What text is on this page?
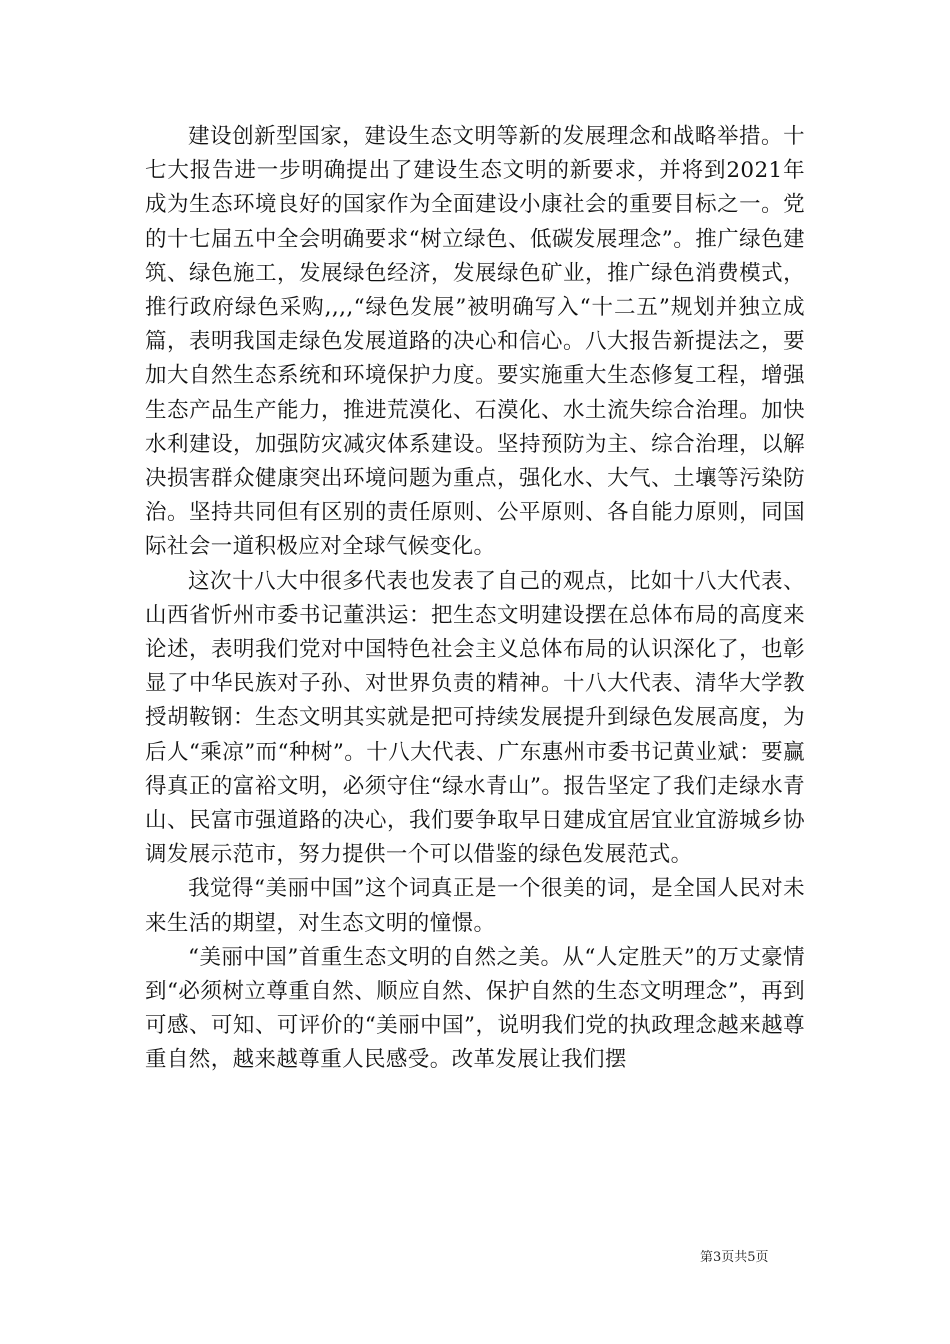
建设创新型国家，建设生态文明等新的发展理念和战略举措。十七大报告进一步明确提出了建设生态文明的新要求，并将到2021年成为生态环境良好的国家作为全面建设小康社会的重要目标之一。党的十七届五中全会明确要求“树立绿色、低碳发展理念”。推广绿色建筑、绿色施工，发展绿色经济，发展绿色矿业，推广绿色消费模式，推行政府绿色采购,,,,“绿色发展”被明确写入“十二五”规划并独立成篇，表明我国走绿色发展道路的决心和信心。八大报告新提法之，要加大自然生态系统和环境保护力度。要实施重大生态修复工程，增强生态产品生产能力，推进荒漠化、石漠化、水土流失综合治理。加快水利建设，加强防灾减灾体系建设。坚持预防为主、综合治理，以解决损害群众健康突出环境问题为重点，强化水、大气、土壤等污染防治。坚持共同但有区别的责任原则、公平原则、各自能力原则，同国际社会一道积极应对全球气候变化。

这次十八大中很多代表也发表了自己的观点，比如十八大代表、山西省忻州市委书记董洪运：把生态文明建设摆在总体布局的高度来论述，表明我们党对中国特色社会主义总体布局的认识深化了，也彰显了中华民族对子孙、对世界负责的精神。十八大代表、清华大学教授胡鞍钢：生态文明其实就是把可持续发展提升到绿色发展高度，为后人“乘凉”而“种树”。十八大代表、广东惠州市委书记黄业斌：要赢得真正的富裕文明，必须守住“绿水青山”。报告坚定了我们走绿水青山、民富市强道路的决心，我们要争取早日建成宜居宜业宜游城乡协调发展示范市，努力提供一个可以借鉴的绿色发展范式。

我觉得“美丽中国”这个词真正是一个很美的词，是全国人民对未来生活的期望，对生态文明的憧憬。

“美丽中国”首重生态文明的自然之美。从“人定胜天”的万丈豪情到“必须树立尊重自然、顺应自然、保护自然的生态文明理念”，再到可感、可知、可评价的“美丽中国”，说明我们党的执政理念越来越尊重自然，越来越尊重人民感受。改革发展让我们摆

第3页共5页
